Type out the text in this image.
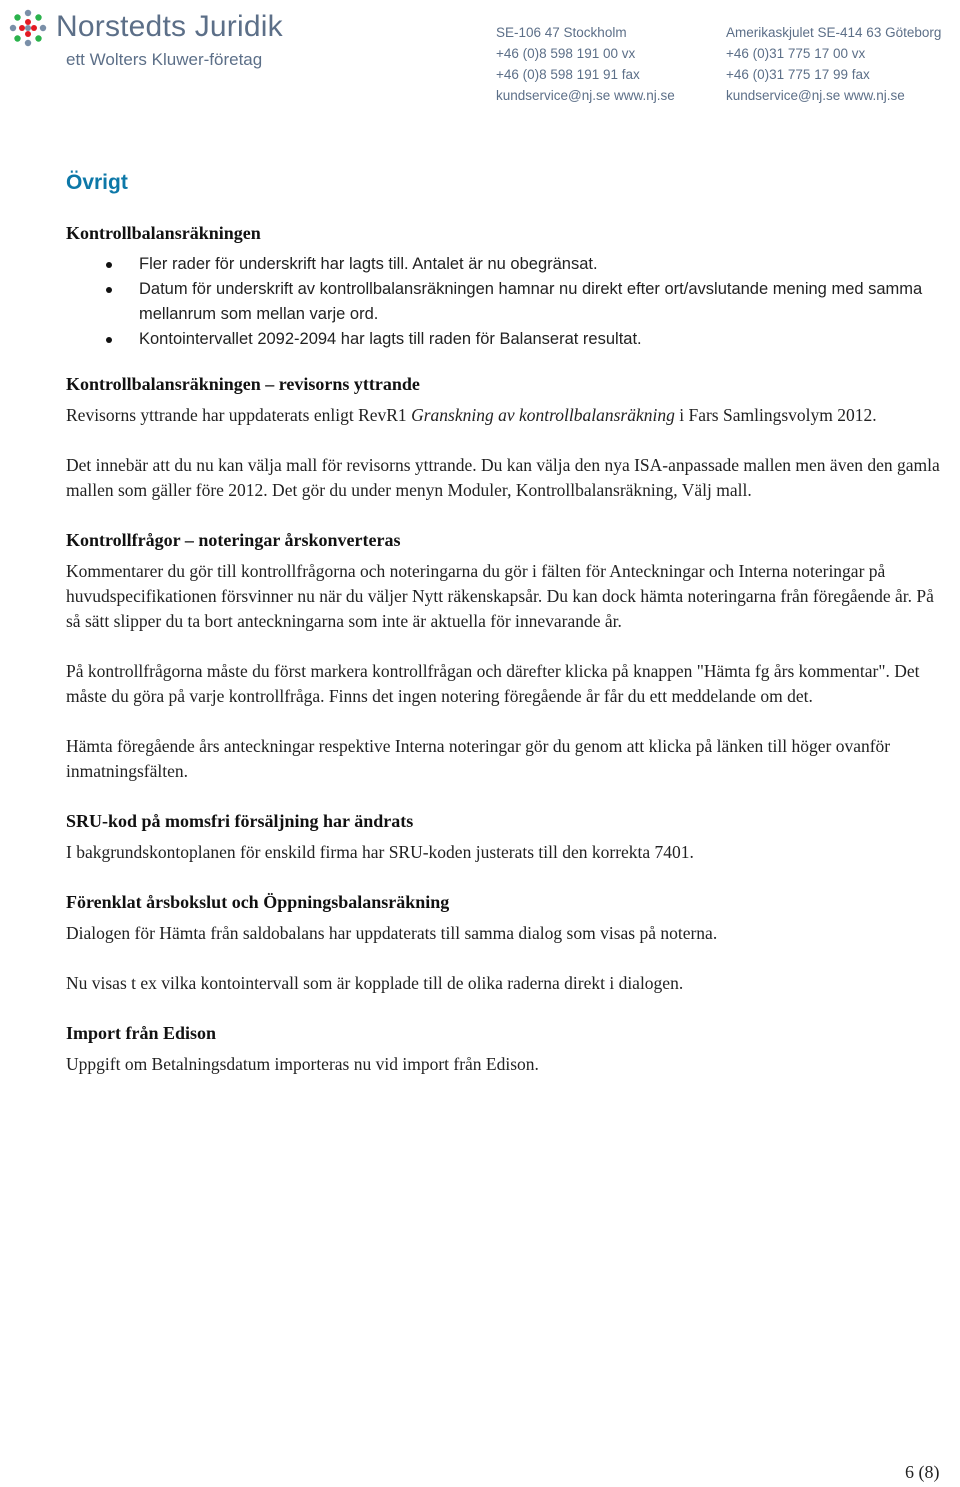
Norstedts Juridik
ett Wolters Kluwer-företag
SE-106 47 Stockholm
+46 (0)8 598 191 00 vx
+46 (0)8 598 191 91 fax
kundservice@nj.se www.nj.se
Amerikaskjulet SE-414 63 Göteborg
+46 (0)31 775 17 00 vx
+46 (0)31 775 17 99 fax
kundservice@nj.se www.nj.se
Övrigt
Kontrollbalansräkningen
Fler rader för underskrift har lagts till. Antalet är nu obegränsat.
Datum för underskrift av kontrollbalansräkningen hamnar nu direkt efter ort/avslutande mening med samma mellanrum som mellan varje ord.
Kontointervallet 2092-2094 har lagts till raden för Balanserat resultat.
Kontrollbalansräkningen – revisorns yttrande

Revisorns yttrande har uppdaterats enligt RevR1 Granskning av kontrollbalansräkning i Fars Samlingsvolym 2012.

Det innebär att du nu kan välja mall för revisorns yttrande. Du kan välja den nya ISA-anpassade mallen men även den gamla mallen som gäller före 2012. Det gör du under menyn Moduler, Kontrollbalansräkning, Välj mall.

Kontrollfrågor – noteringar årskonverteras

Kommentarer du gör till kontrollfrågorna och noteringarna du gör i fälten för Anteckningar och Interna noteringar på huvudspecifikationen försvinner nu när du väljer Nytt räkenskapsår. Du kan dock hämta noteringarna från föregående år. På så sätt slipper du ta bort anteckningarna som inte är aktuella för innevarande år.

På kontrollfrågorna måste du först markera kontrollfrågan och därefter klicka på knappen "Hämta fg års kommentar". Det måste du göra på varje kontrollfråga. Finns det ingen notering föregående år får du ett meddelande om det.

Hämta föregående års anteckningar respektive Interna noteringar gör du genom att klicka på länken till höger ovanför inmatningsfälten.

SRU-kod på momsfri försäljning har ändrats

I bakgrundskontoplanen för enskild firma har SRU-koden justerats till den korrekta 7401.

Förenklat årsbokslut och Öppningsbalansräkning

Dialogen för Hämta från saldobalans har uppdaterats till samma dialog som visas på noterna.

Nu visas t ex vilka kontointervall som är kopplade till de olika raderna direkt i dialogen.

Import från Edison

Uppgift om Betalningsdatum importeras nu vid import från Edison.

6 (8)
